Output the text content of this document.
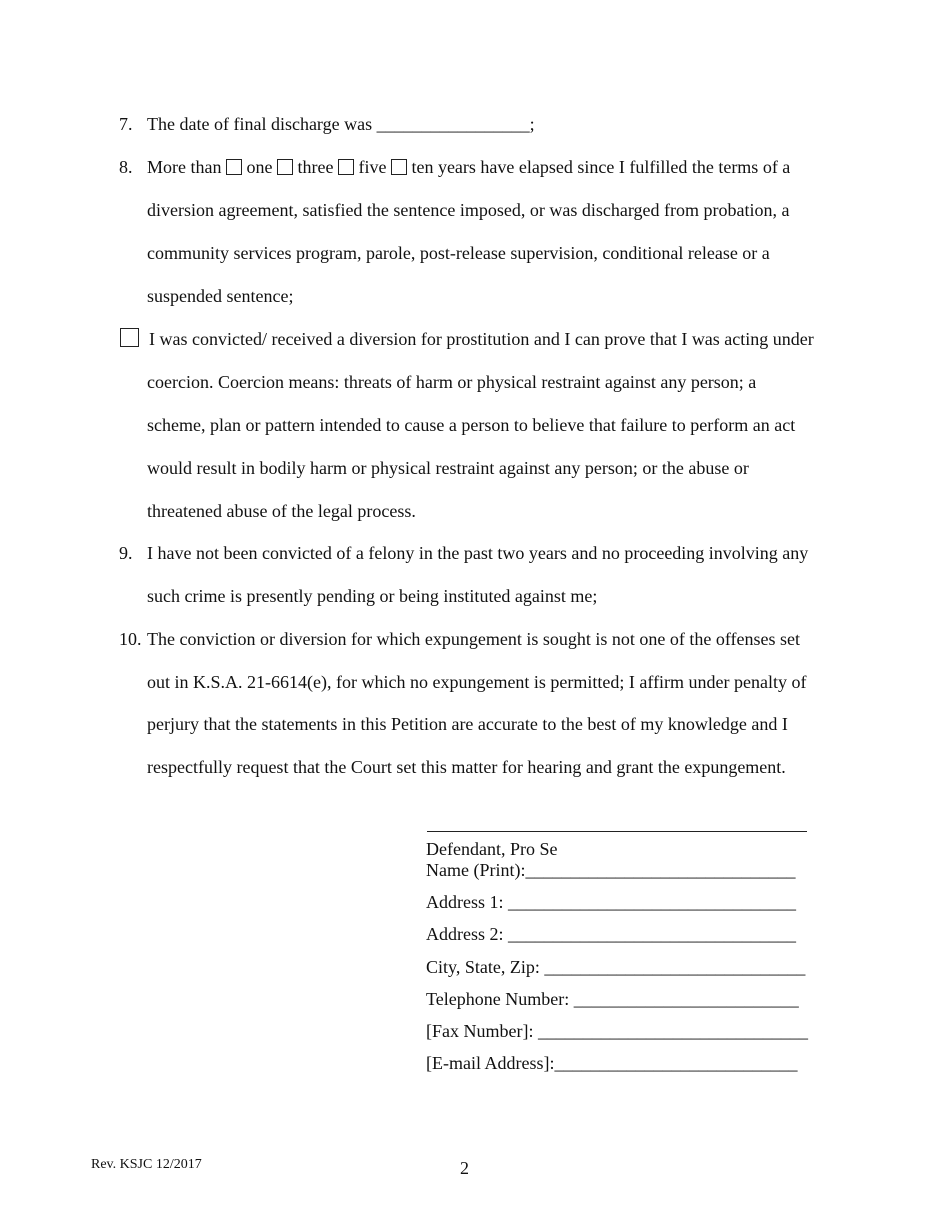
7. The date of final discharge was _________________;
8. More than one three five ten years have elapsed since I fulfilled the terms of a
diversion agreement, satisfied the sentence imposed, or was discharged from probation, a
community services program, parole, post-release supervision, conditional release or a
suspended sentence;
I was convicted/ received a diversion for prostitution and I can prove that I was acting under
coercion. Coercion means: threats of harm or physical restraint against any person; a
scheme, plan or pattern intended to cause a person to believe that failure to perform an act
would result in bodily harm or physical restraint against any person; or the abuse or
threatened abuse of the legal process.
9. I have not been convicted of a felony in the past two years and no proceeding involving any
such crime is presently pending or being instituted against me;
10. The conviction or diversion for which expungement is sought is not one of the offenses set
out in K.S.A. 21-6614(e), for which no expungement is permitted; I affirm under penalty of
perjury that the statements in this Petition are accurate to the best of my knowledge and I
respectfully request that the Court set this matter for hearing and grant the expungement.
Defendant, Pro Se
Name (Print):______________________________
Address 1: ________________________________
Address 2: ________________________________
City, State, Zip: _____________________________
Telephone Number: _________________________
[Fax Number]: ______________________________
[E-mail Address]:___________________________
Rev. KSJC 12/2017	2
